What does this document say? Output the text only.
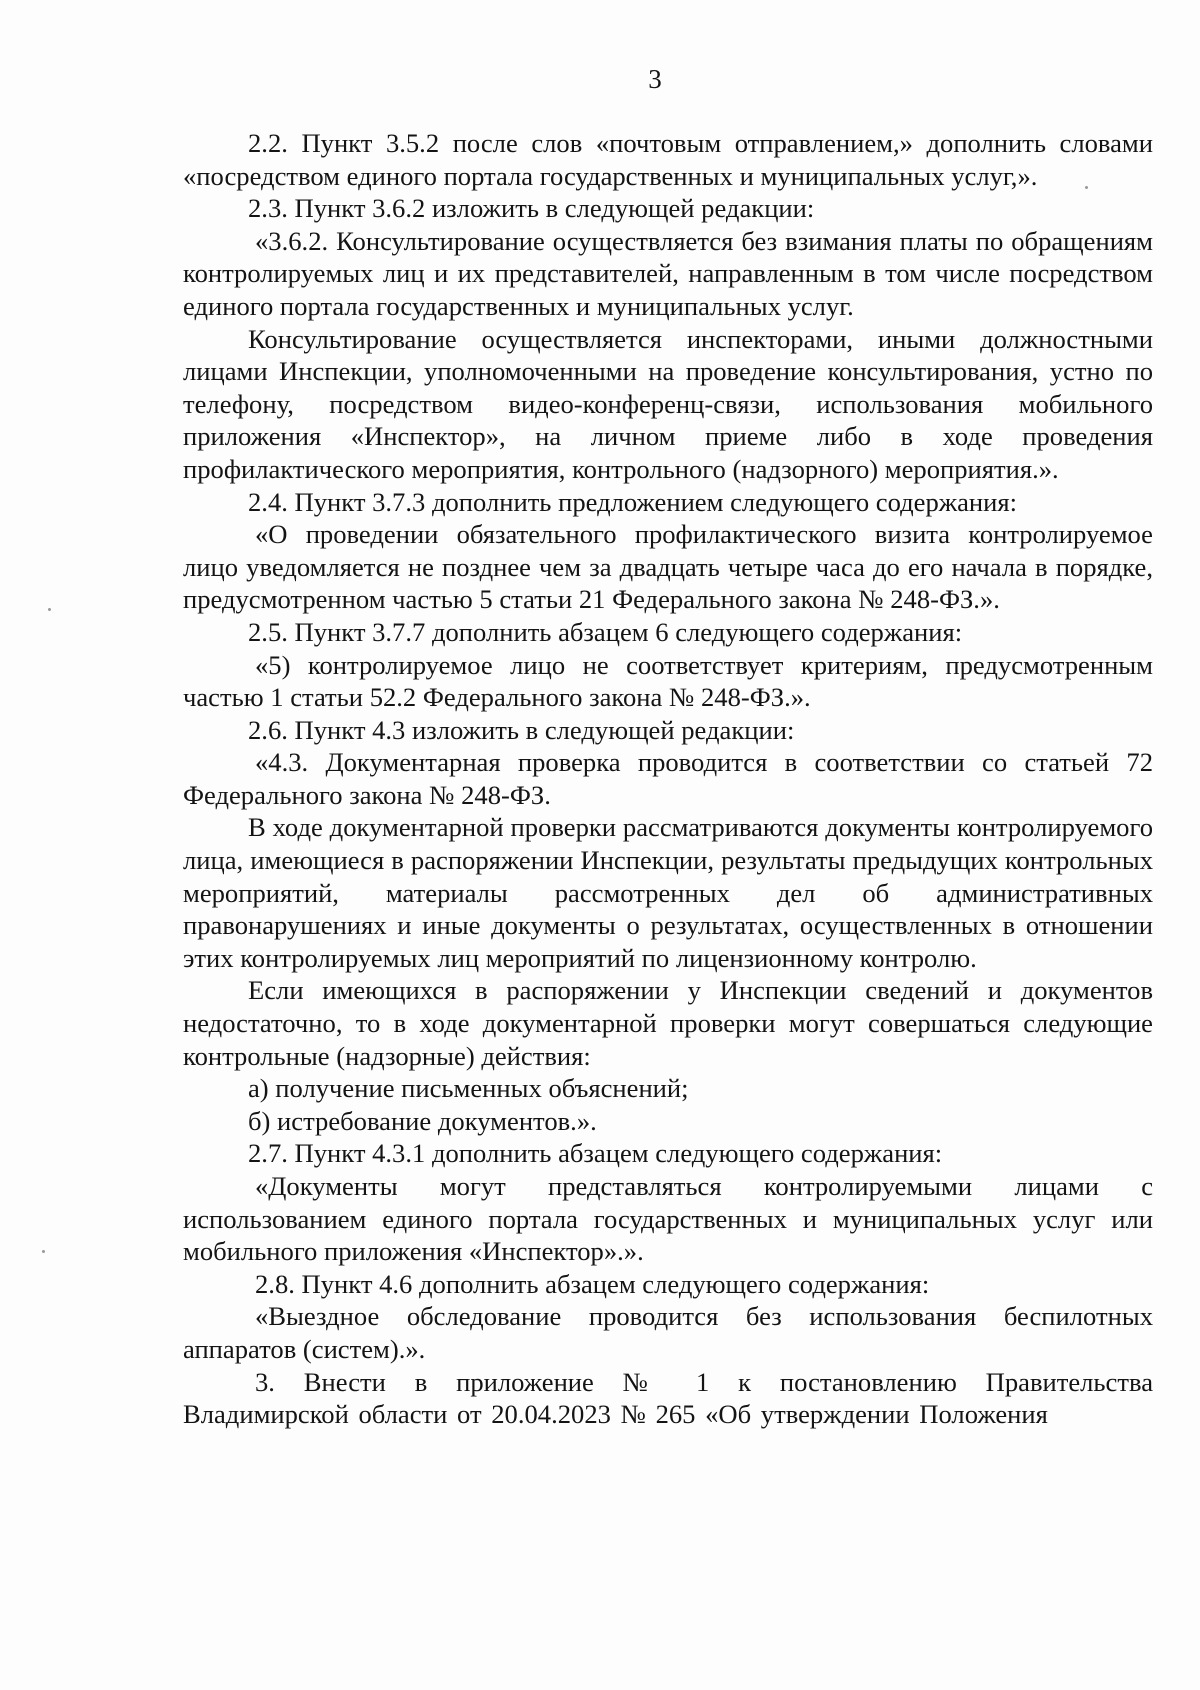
3

2.2. Пункт 3.5.2 после слов «почтовым отправлением,» дополнить словами «посредством единого портала государственных и муниципальных услуг,».

2.3. Пункт 3.6.2 изложить в следующей редакции:

«3.6.2. Консультирование осуществляется без взимания платы по обращениям контролируемых лиц и их представителей, направленным в том числе посредством единого портала государственных и муниципальных услуг.

Консультирование осуществляется инспекторами, иными должностными лицами Инспекции, уполномоченными на проведение консультирования, устно по телефону, посредством видео-конференц-связи, использования мобильного приложения «Инспектор», на личном приеме либо в ходе проведения профилактического мероприятия, контрольного (надзорного) мероприятия.».

2.4. Пункт 3.7.3 дополнить предложением следующего содержания:

«О проведении обязательного профилактического визита контролируемое лицо уведомляется не позднее чем за двадцать четыре часа до его начала в порядке, предусмотренном частью 5 статьи 21 Федерального закона № 248-ФЗ.».

2.5. Пункт 3.7.7 дополнить абзацем 6 следующего содержания:

«5) контролируемое лицо не соответствует критериям, предусмотренным частью 1 статьи 52.2 Федерального закона № 248-ФЗ.».

2.6. Пункт 4.3 изложить в следующей редакции:

«4.3. Документарная проверка проводится в соответствии со статьей 72 Федерального закона № 248-ФЗ.

В ходе документарной проверки рассматриваются документы контролируемого лица, имеющиеся в распоряжении Инспекции, результаты предыдущих контрольных мероприятий, материалы рассмотренных дел об административных правонарушениях и иные документы о результатах, осуществленных в отношении этих контролируемых лиц мероприятий по лицензионному контролю.

Если имеющихся в распоряжении у Инспекции сведений и документов недостаточно, то в ходе документарной проверки могут совершаться следующие контрольные (надзорные) действия:

а) получение письменных объяснений;

б) истребование документов.».

2.7. Пункт 4.3.1 дополнить абзацем следующего содержания:

«Документы могут представляться контролируемыми лицами с использованием единого портала государственных и муниципальных услуг или мобильного приложения «Инспектор».».

2.8. Пункт 4.6 дополнить абзацем следующего содержания:

«Выездное обследование проводится без использования беспилотных аппаратов (систем).».

3. Внести в приложение № 1 к постановлению Правительства Владимирской области от 20.04.2023 № 265 «Об утверждении Положения
